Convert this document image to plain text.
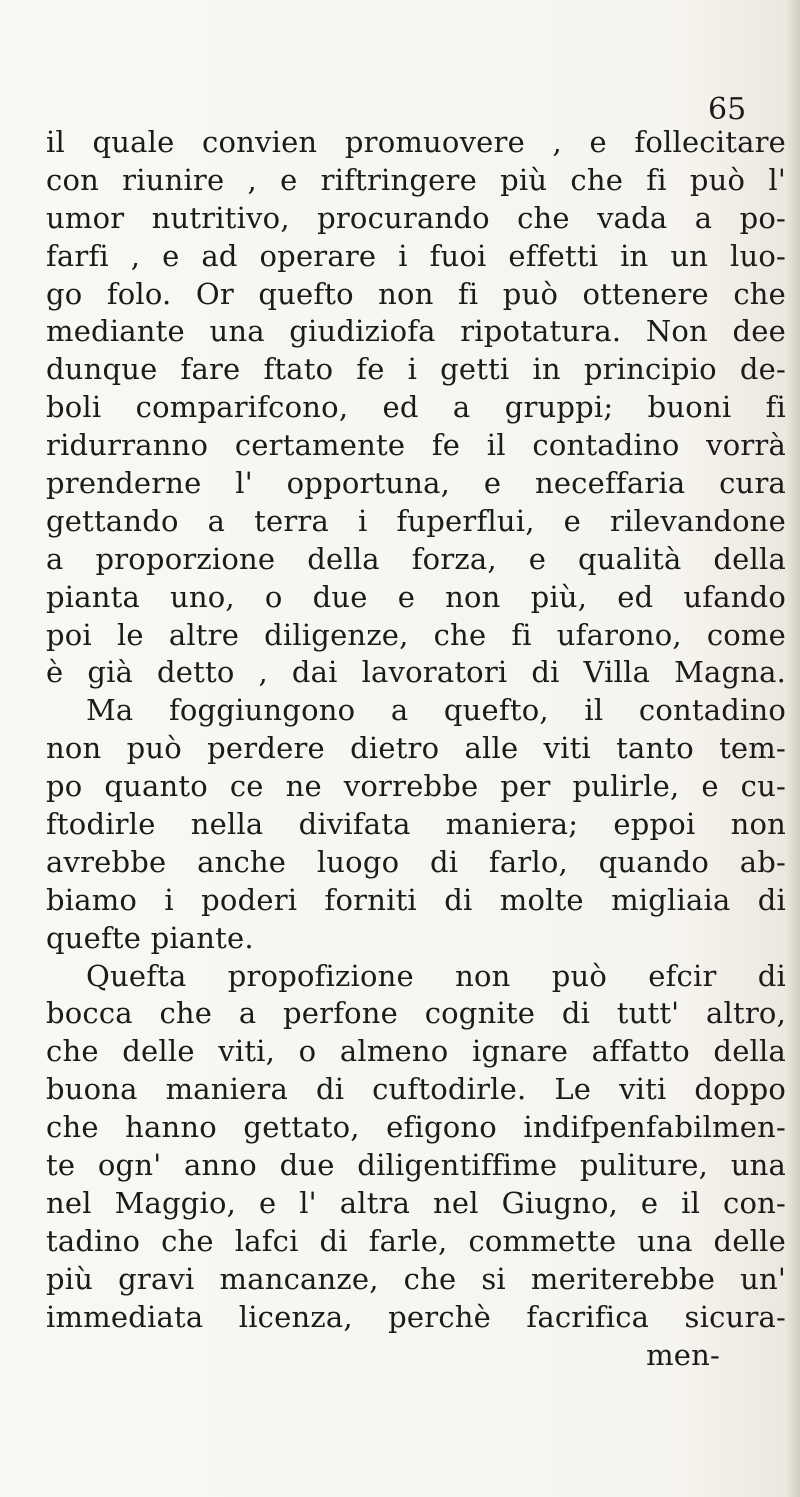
65

il quale convien promuovere , e follecitare
con riunire , e riftringere più che fi può l'
umor nutritivo, procurando che vada a po-
farfi , e ad operare i fuoi effetti in un luo-
go folo. Or quefto non fi può ottenere che
mediante una giudiziofa ripotatura. Non dee
dunque fare ftato fe i getti in principio de-
boli comparifcono, ed a gruppi; buoni fi
ridurranno certamente fe il contadino vorrà
prenderne l' opportuna, e neceffaria cura
gettando a terra i fuperflui, e rilevandone
a proporzione della forza, e qualità della
pianta uno, o due e non più, ed ufando
poi le altre diligenze, che fi ufarono, come
è già detto , dai lavoratori di Villa Magna.
Ma foggiungono a quefto, il contadino
non può perdere dietro alle viti tanto tem-
po quanto ce ne vorrebbe per pulirle, e cu-
ftodirle nella divifata maniera; eppoi non
avrebbe anche luogo di farlo, quando ab-
biamo i poderi forniti di molte migliaia di
quefte piante.
Quefta propofizione non può efcir di
bocca che a perfone cognite di tutt' altro,
che delle viti, o almeno ignare affatto della
buona maniera di cuftodirle. Le viti doppo
che hanno gettato, efigono indifpenfabilmen-
te ogn' anno due diligentiffime puliture, una
nel Maggio, e l' altra nel Giugno, e il con-
tadino che lafci di farle, commette una delle
più gravi mancanze, che si meriterebbe un'
immediata licenza, perchè facrifica sicura-
men-
